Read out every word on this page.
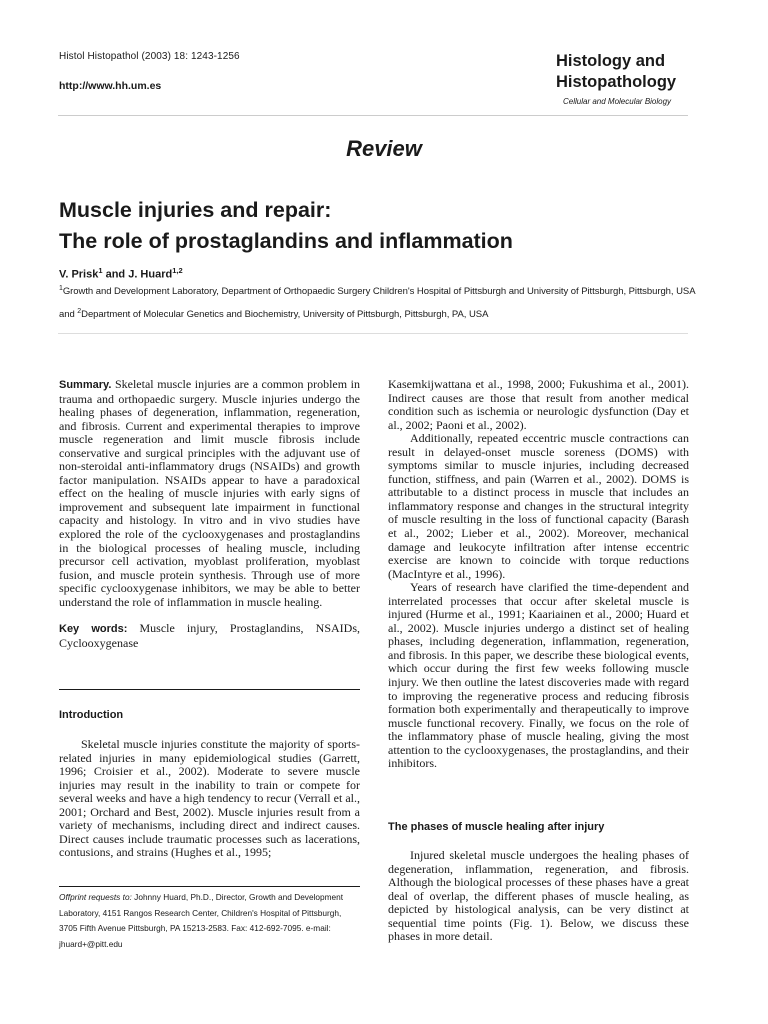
Histol Histopathol (2003) 18: 1243-1256
http://www.hh.um.es
Histology and
Histopathology
Cellular and Molecular Biology
Review
Muscle injuries and repair:
The role of prostaglandins and inflammation
V. Prisk$^1$ and J. Huard$^{1,2}$
$^1$Growth and Development Laboratory, Department of Orthopaedic Surgery Children's Hospital of Pittsburgh and University of Pittsburgh, Pittsburgh, USA and $^2$Department of Molecular Genetics and Biochemistry, University of Pittsburgh, Pittsburgh, PA, USA

Summary. Skeletal muscle injuries are a common problem in trauma and orthopaedic surgery. Muscle injuries undergo the healing phases of degeneration, inflammation, regeneration, and fibrosis. Current and experimental therapies to improve muscle regeneration and limit muscle fibrosis include conservative and surgical principles with the adjuvant use of non-steroidal anti-inflammatory drugs (NSAIDs) and growth factor manipulation. NSAIDs appear to have a paradoxical effect on the healing of muscle injuries with early signs of improvement and subsequent late impairment in functional capacity and histology. In vitro and in vivo studies have explored the role of the cyclooxygenases and prostaglandins in the biological processes of healing muscle, including precursor cell activation, myoblast proliferation, myoblast fusion, and muscle protein synthesis. Through use of more specific cyclooxygenase inhibitors, we may be able to better understand the role of inflammation in muscle healing.

Key words: Muscle injury, Prostaglandins, NSAIDs, Cyclooxygenase

Introduction

Skeletal muscle injuries constitute the majority of sports-related injuries in many epidemiological studies (Garrett, 1996; Croisier et al., 2002). Moderate to severe muscle injuries may result in the inability to train or compete for several weeks and have a high tendency to recur (Verrall et al., 2001; Orchard and Best, 2002). Muscle injuries result from a variety of mechanisms, including direct and indirect causes. Direct causes include traumatic processes such as lacerations, contusions, and strains (Hughes et al., 1995;

Offprint requests to: Johnny Huard, Ph.D., Director, Growth and Development Laboratory, 4151 Rangos Research Center, Children's Hospital of Pittsburgh, 3705 Fifth Avenue Pittsburgh, PA 15213-2583. Fax: 412-692-7095. e-mail: jhuard+@pitt.edu

Kasemkijwattana et al., 1998, 2000; Fukushima et al., 2001). Indirect causes are those that result from another medical condition such as ischemia or neurologic dysfunction (Day et al., 2002; Paoni et al., 2002).

Additionally, repeated eccentric muscle contractions can result in delayed-onset muscle soreness (DOMS) with symptoms similar to muscle injuries, including decreased function, stiffness, and pain (Warren et al., 2002). DOMS is attributable to a distinct process in muscle that includes an inflammatory response and changes in the structural integrity of muscle resulting in the loss of functional capacity (Barash et al., 2002; Lieber et al., 2002). Moreover, mechanical damage and leukocyte infiltration after intense eccentric exercise are known to coincide with torque reductions (MacIntyre et al., 1996).

Years of research have clarified the time-dependent and interrelated processes that occur after skeletal muscle is injured (Hurme et al., 1991; Kaariainen et al., 2000; Huard et al., 2002). Muscle injuries undergo a distinct set of healing phases, including degeneration, inflammation, regeneration, and fibrosis. In this paper, we describe these biological events, which occur during the first few weeks following muscle injury. We then outline the latest discoveries made with regard to improving the regenerative process and reducing fibrosis formation both experimentally and therapeutically to improve muscle functional recovery. Finally, we focus on the role of the inflammatory phase of muscle healing, giving the most attention to the cyclooxygenases, the prostaglandins, and their inhibitors.

The phases of muscle healing after injury

Injured skeletal muscle undergoes the healing phases of degeneration, inflammation, regeneration, and fibrosis. Although the biological processes of these phases have a great deal of overlap, the different phases of muscle healing, as depicted by histological analysis, can be very distinct at sequential time points (Fig. 1). Below, we discuss these phases in more detail.
